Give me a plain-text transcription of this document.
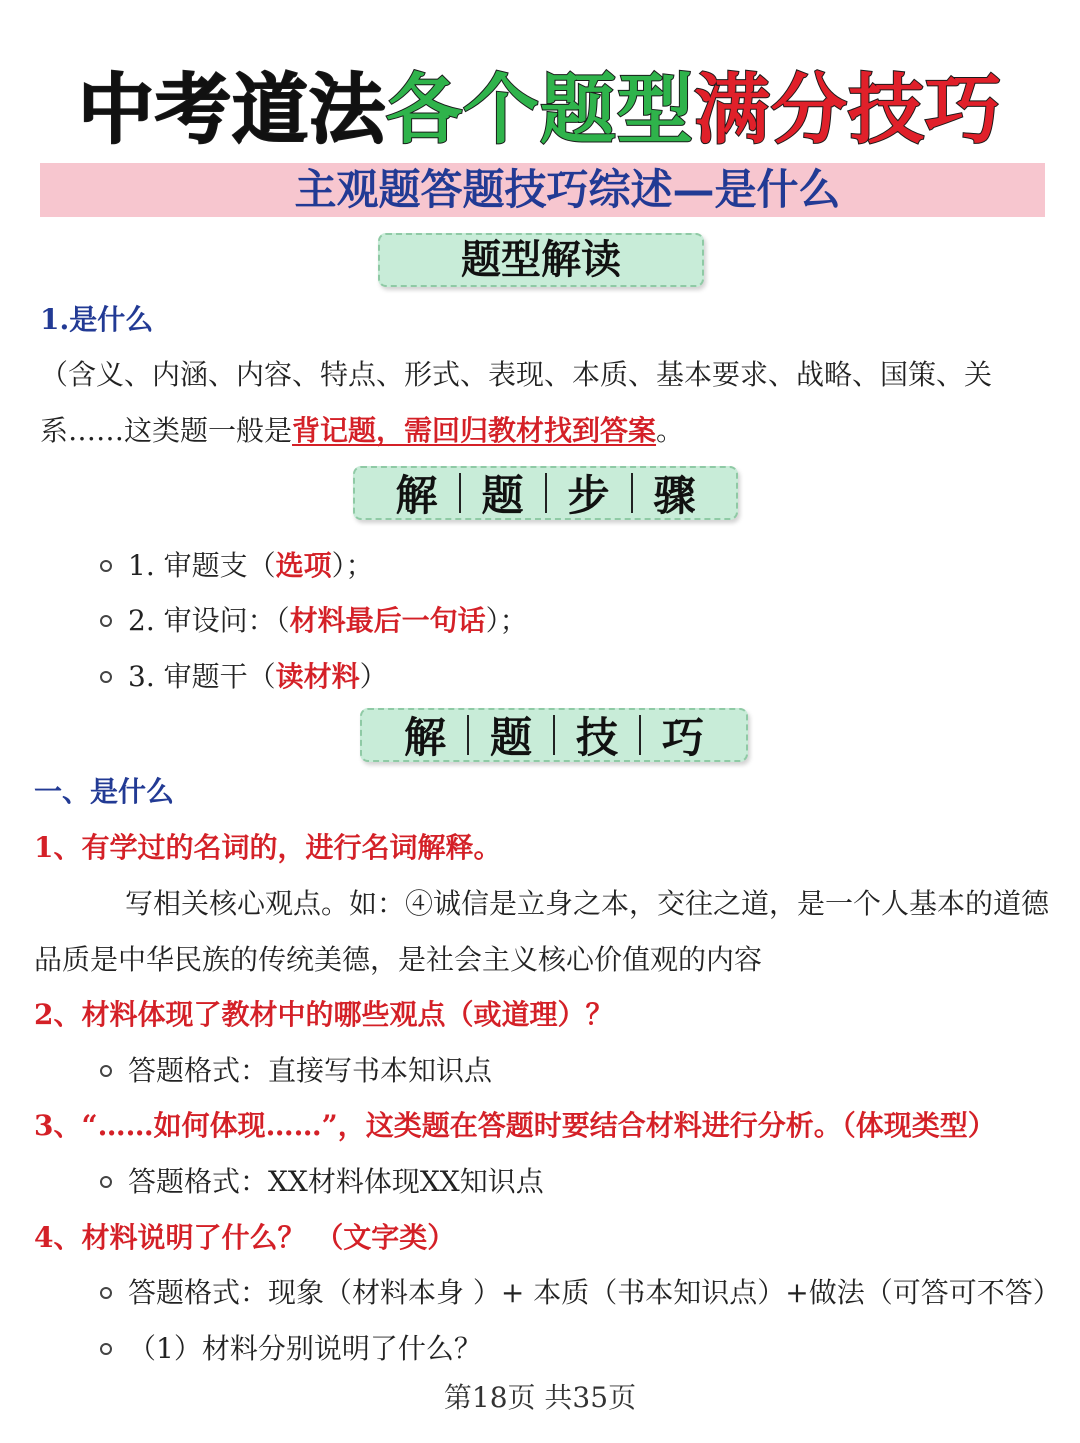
中考道法各个题型满分技巧
主观题答题技巧综述—是什么
题型解读
1.是什么
（含义、内涵、内容、特点、形式、表现、本质、基本要求、战略、国策、关
系……这类题一般是背记题，需回归教材找到答案。
解 题 步 骤
1. 审题支（选项）；
2. 审设问：（材料最后一句话）；
3. 审题干（读材料）
解 题 技 巧
一、是什么
1、有学过的名词的，进行名词解释。
写相关核心观点。如：④诚信是立身之本，交往之道，是一个人基本的道德
品质是中华民族的传统美德，是社会主义核心价值观的内容
2、材料体现了教材中的哪些观点（或道理）？
答题格式：直接写书本知识点
3、“……如何体现……”，这类题在答题时要结合材料进行分析。（体现类型）
答题格式：XX材料体现XX知识点
4、材料说明了什么？ （文字类）
答题格式：现象（材料本身 ）+ 本质（书本知识点）+做法（可答可不答）
（1）材料分别说明了什么？
第18页 共35页
